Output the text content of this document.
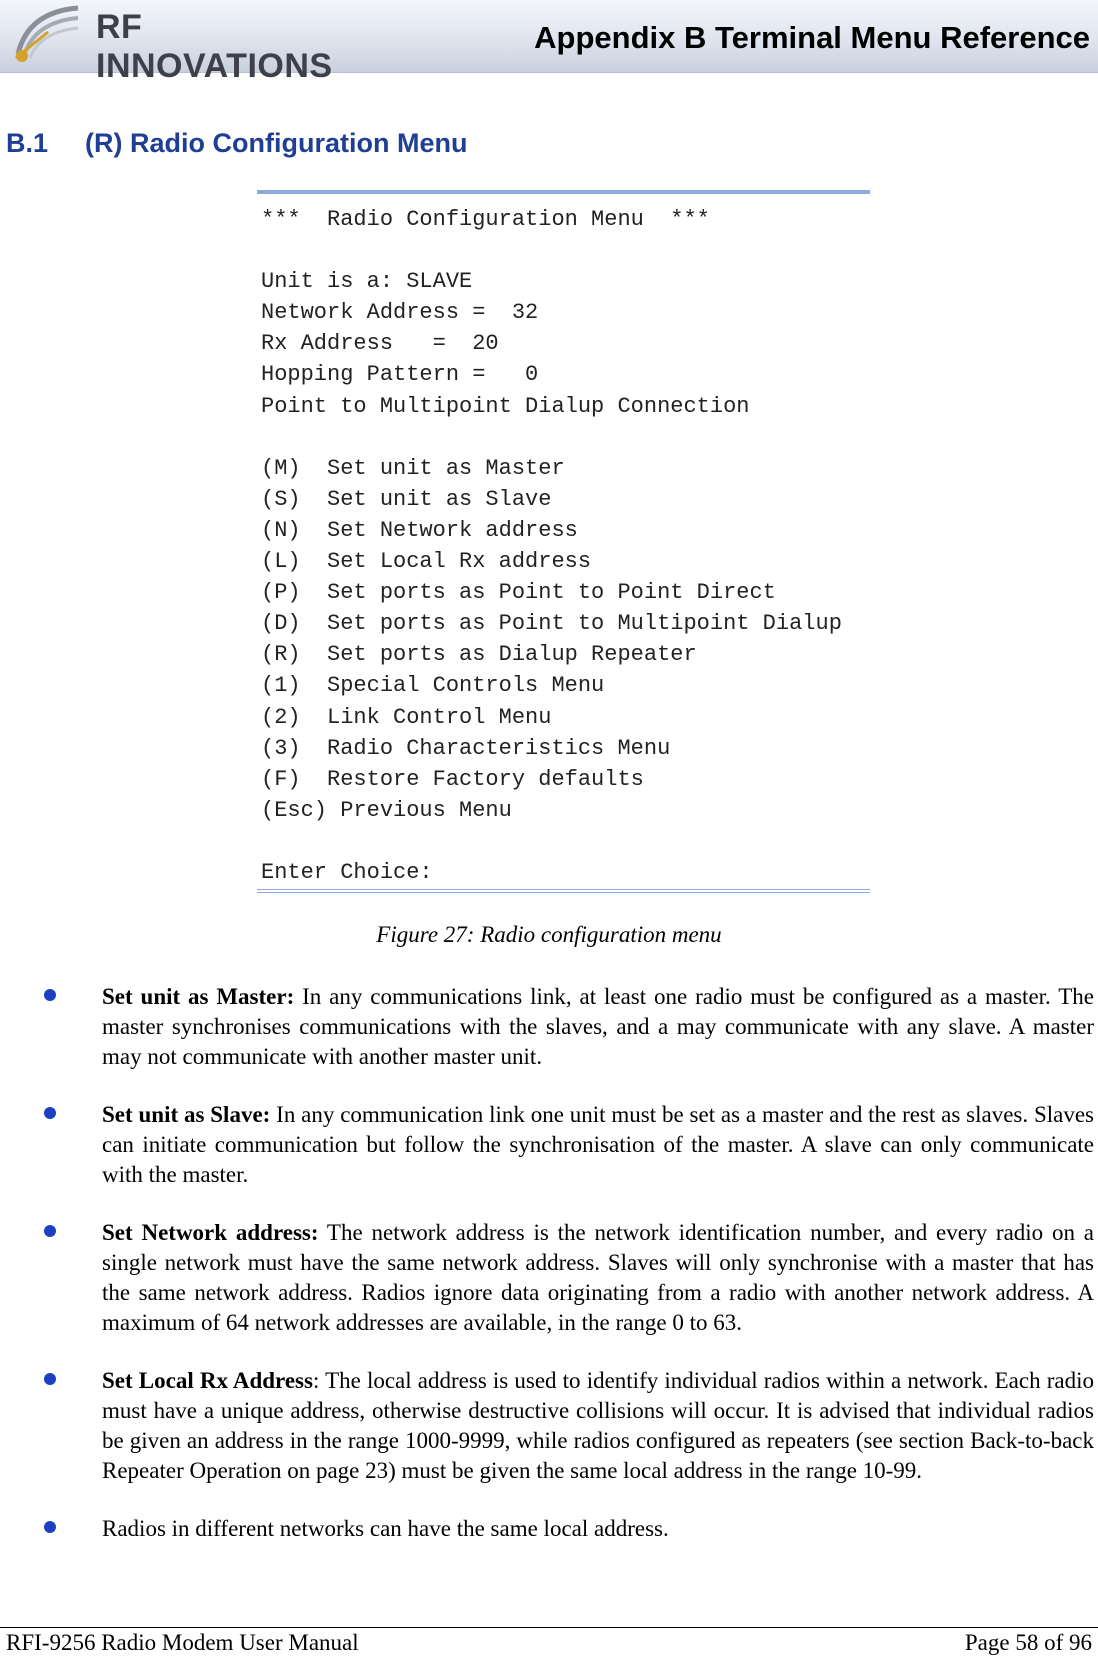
RF INNOVATIONS
Appendix B Terminal Menu Reference
B.1 (R) Radio Configuration Menu
***  Radio Configuration Menu  ***
Unit is a: SLAVE
Network Address =  32
Rx Address   =  20
Hopping Pattern =   0
Point to Multipoint Dialup Connection
(M)  Set unit as Master
(S)  Set unit as Slave
(N)  Set Network address
(L)  Set Local Rx address
(P)  Set ports as Point to Point Direct
(D)  Set ports as Point to Multipoint Dialup
(R)  Set ports as Dialup Repeater
(1)  Special Controls Menu
(2)  Link Control Menu
(3)  Radio Characteristics Menu
(F)  Restore Factory defaults
(Esc) Previous Menu
Enter Choice:
Figure 27: Radio configuration menu
Set unit as Master: In any communications link, at least one radio must be configured as a master. The master synchronises communications with the slaves, and a may communicate with any slave. A master may not communicate with another master unit.
Set unit as Slave: In any communication link one unit must be set as a master and the rest as slaves. Slaves can initiate communication but follow the synchronisation of the master. A slave can only communicate with the master.
Set Network address: The network address is the network identification number, and every radio on a single network must have the same network address. Slaves will only synchronise with a master that has the same network address. Radios ignore data originating from a radio with another network address. A maximum of 64 network addresses are available, in the range 0 to 63.
Set Local Rx Address: The local address is used to identify individual radios within a network. Each radio must have a unique address, otherwise destructive collisions will occur. It is advised that individual radios be given an address in the range 1000-9999, while radios configured as repeaters (see section Back-to-back Repeater Operation on page 23) must be given the same local address in the range 10-99.
Radios in different networks can have the same local address.
RFI-9256 Radio Modem User Manual	Page 58 of 96
